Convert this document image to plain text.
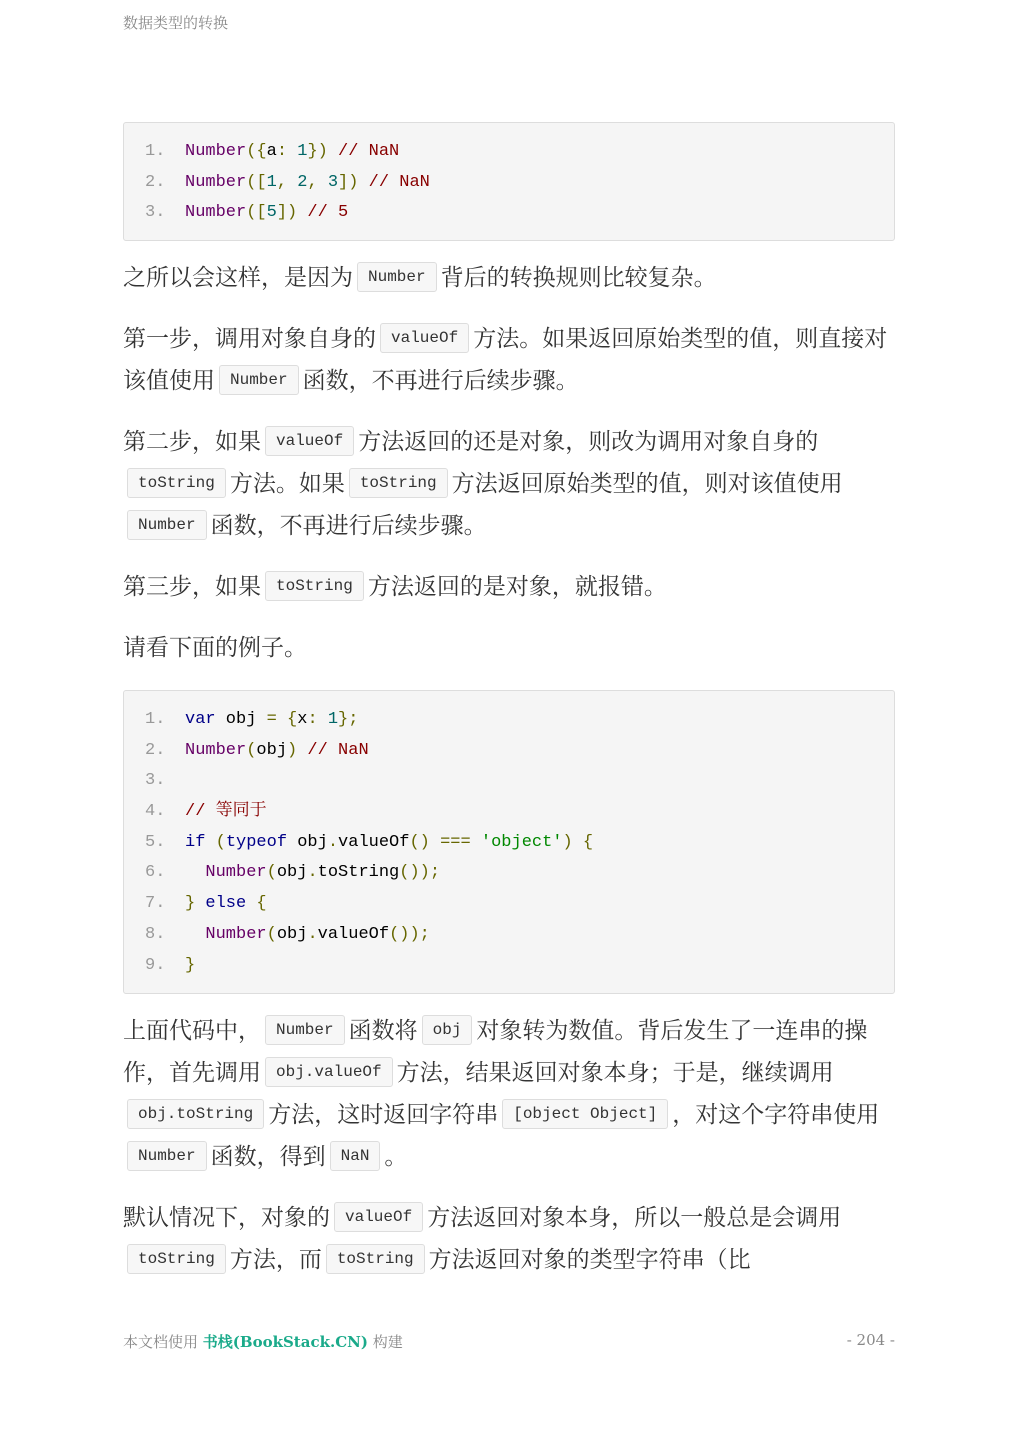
数据类型的转换
1. Number({a: 1}) // NaN
2. Number([1, 2, 3]) // NaN
3. Number([5]) // 5

之所以会这样，是因为 Number 背后的转换规则比较复杂。

第一步，调用对象自身的 valueOf 方法。如果返回原始类型的值，则直接对该值使用 Number 函数，不再进行后续步骤。

第二步，如果 valueOf 方法返回的还是对象，则改为调用对象自身的toString 方法。如果 toString 方法返回原始类型的值，则对该值使用Number 函数，不再进行后续步骤。

第三步，如果 toString 方法返回的是对象，就报错。

请看下面的例子。

1. var obj = {x: 1};
2. Number(obj) // NaN
3.
4. // 等同于
5. if (typeof obj.valueOf() === 'object') {
6. Number(obj.toString());
7. } else {
8. Number(obj.valueOf());
9. }

上面代码中， Number 函数将 obj 对象转为数值。背后发生了一连串的操作，首先调用 obj.valueOf 方法，结果返回对象本身；于是，继续调用obj.toString 方法，这时返回字符串 [object Object] ，对这个字符串使用Number 函数，得到 NaN 。

默认情况下，对象的 valueOf 方法返回对象本身，所以一般总是会调用toString 方法，而 toString 方法返回对象的类型字符串（比

本文档使用 书栈(BookStack.CN) 构建	- 204 -
